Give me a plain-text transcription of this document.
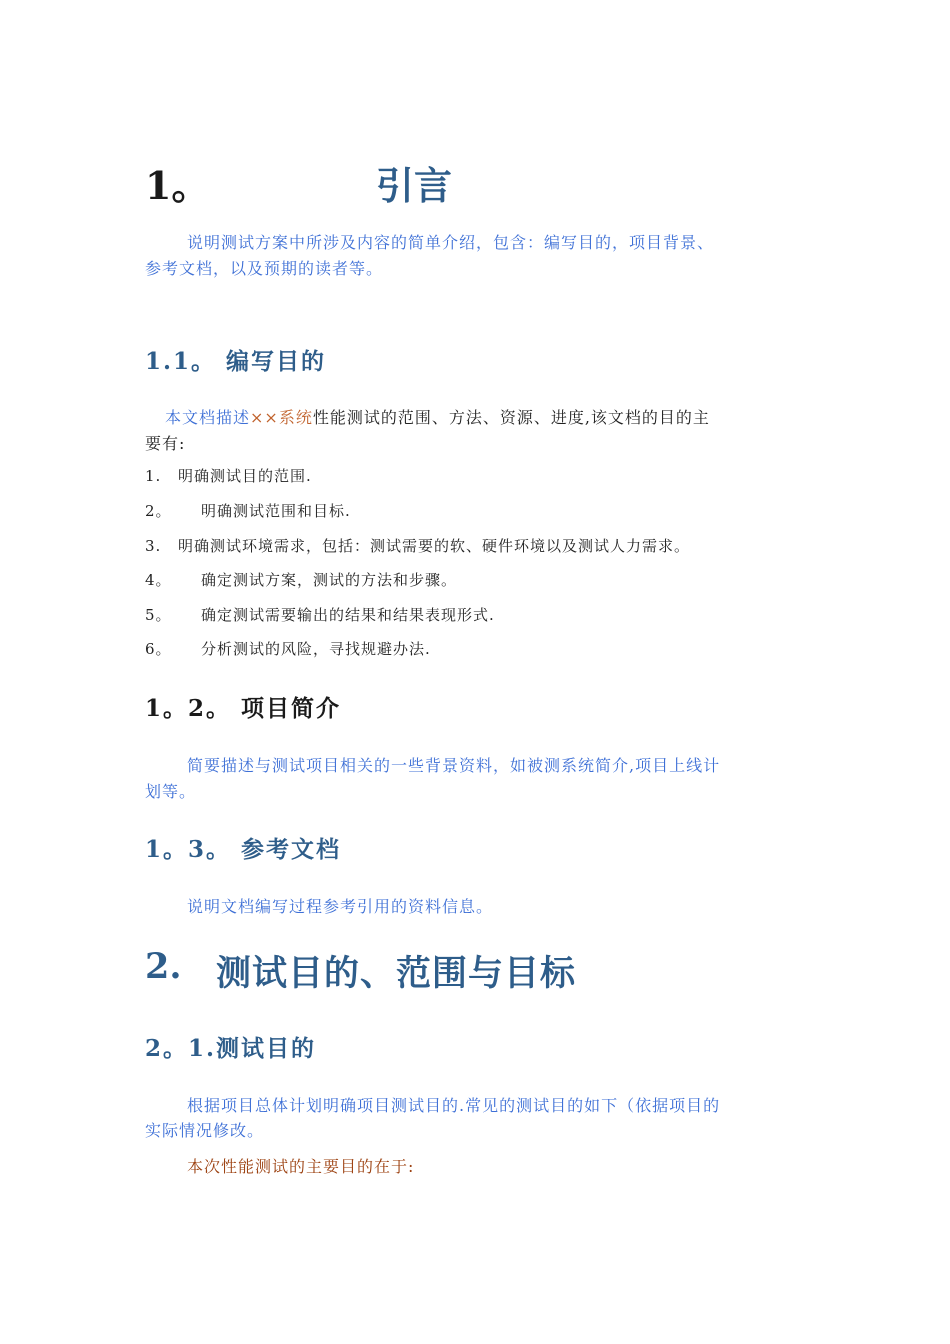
1。	引言
说明测试方案中所涉及内容的简单介绍，包含：编写目的，项目背景、
参考文档，以及预期的读者等。
1.1。 编写目的
本文档描述××系统性能测试的范围、方法、资源、进度,该文档的目的主
要有:
1. 明确测试目的范围.
2。 明确测试范围和目标.
3. 明确测试环境需求，包括：测试需要的软、硬件环境以及测试人力需求。
4。 确定测试方案，测试的方法和步骤。
5。 确定测试需要输出的结果和结果表现形式.
6。 分析测试的风险，寻找规避办法.
1。2。 项目简介
简要描述与测试项目相关的一些背景资料，如被测系统简介,项目上线计
划等。
1。3。 参考文档
说明文档编写过程参考引用的资料信息。
2. 测试目的、范围与目标
2。1.测试目的
根据项目总体计划明确项目测试目的.常见的测试目的如下（依据项目的
实际情况修改。
本次性能测试的主要目的在于:
